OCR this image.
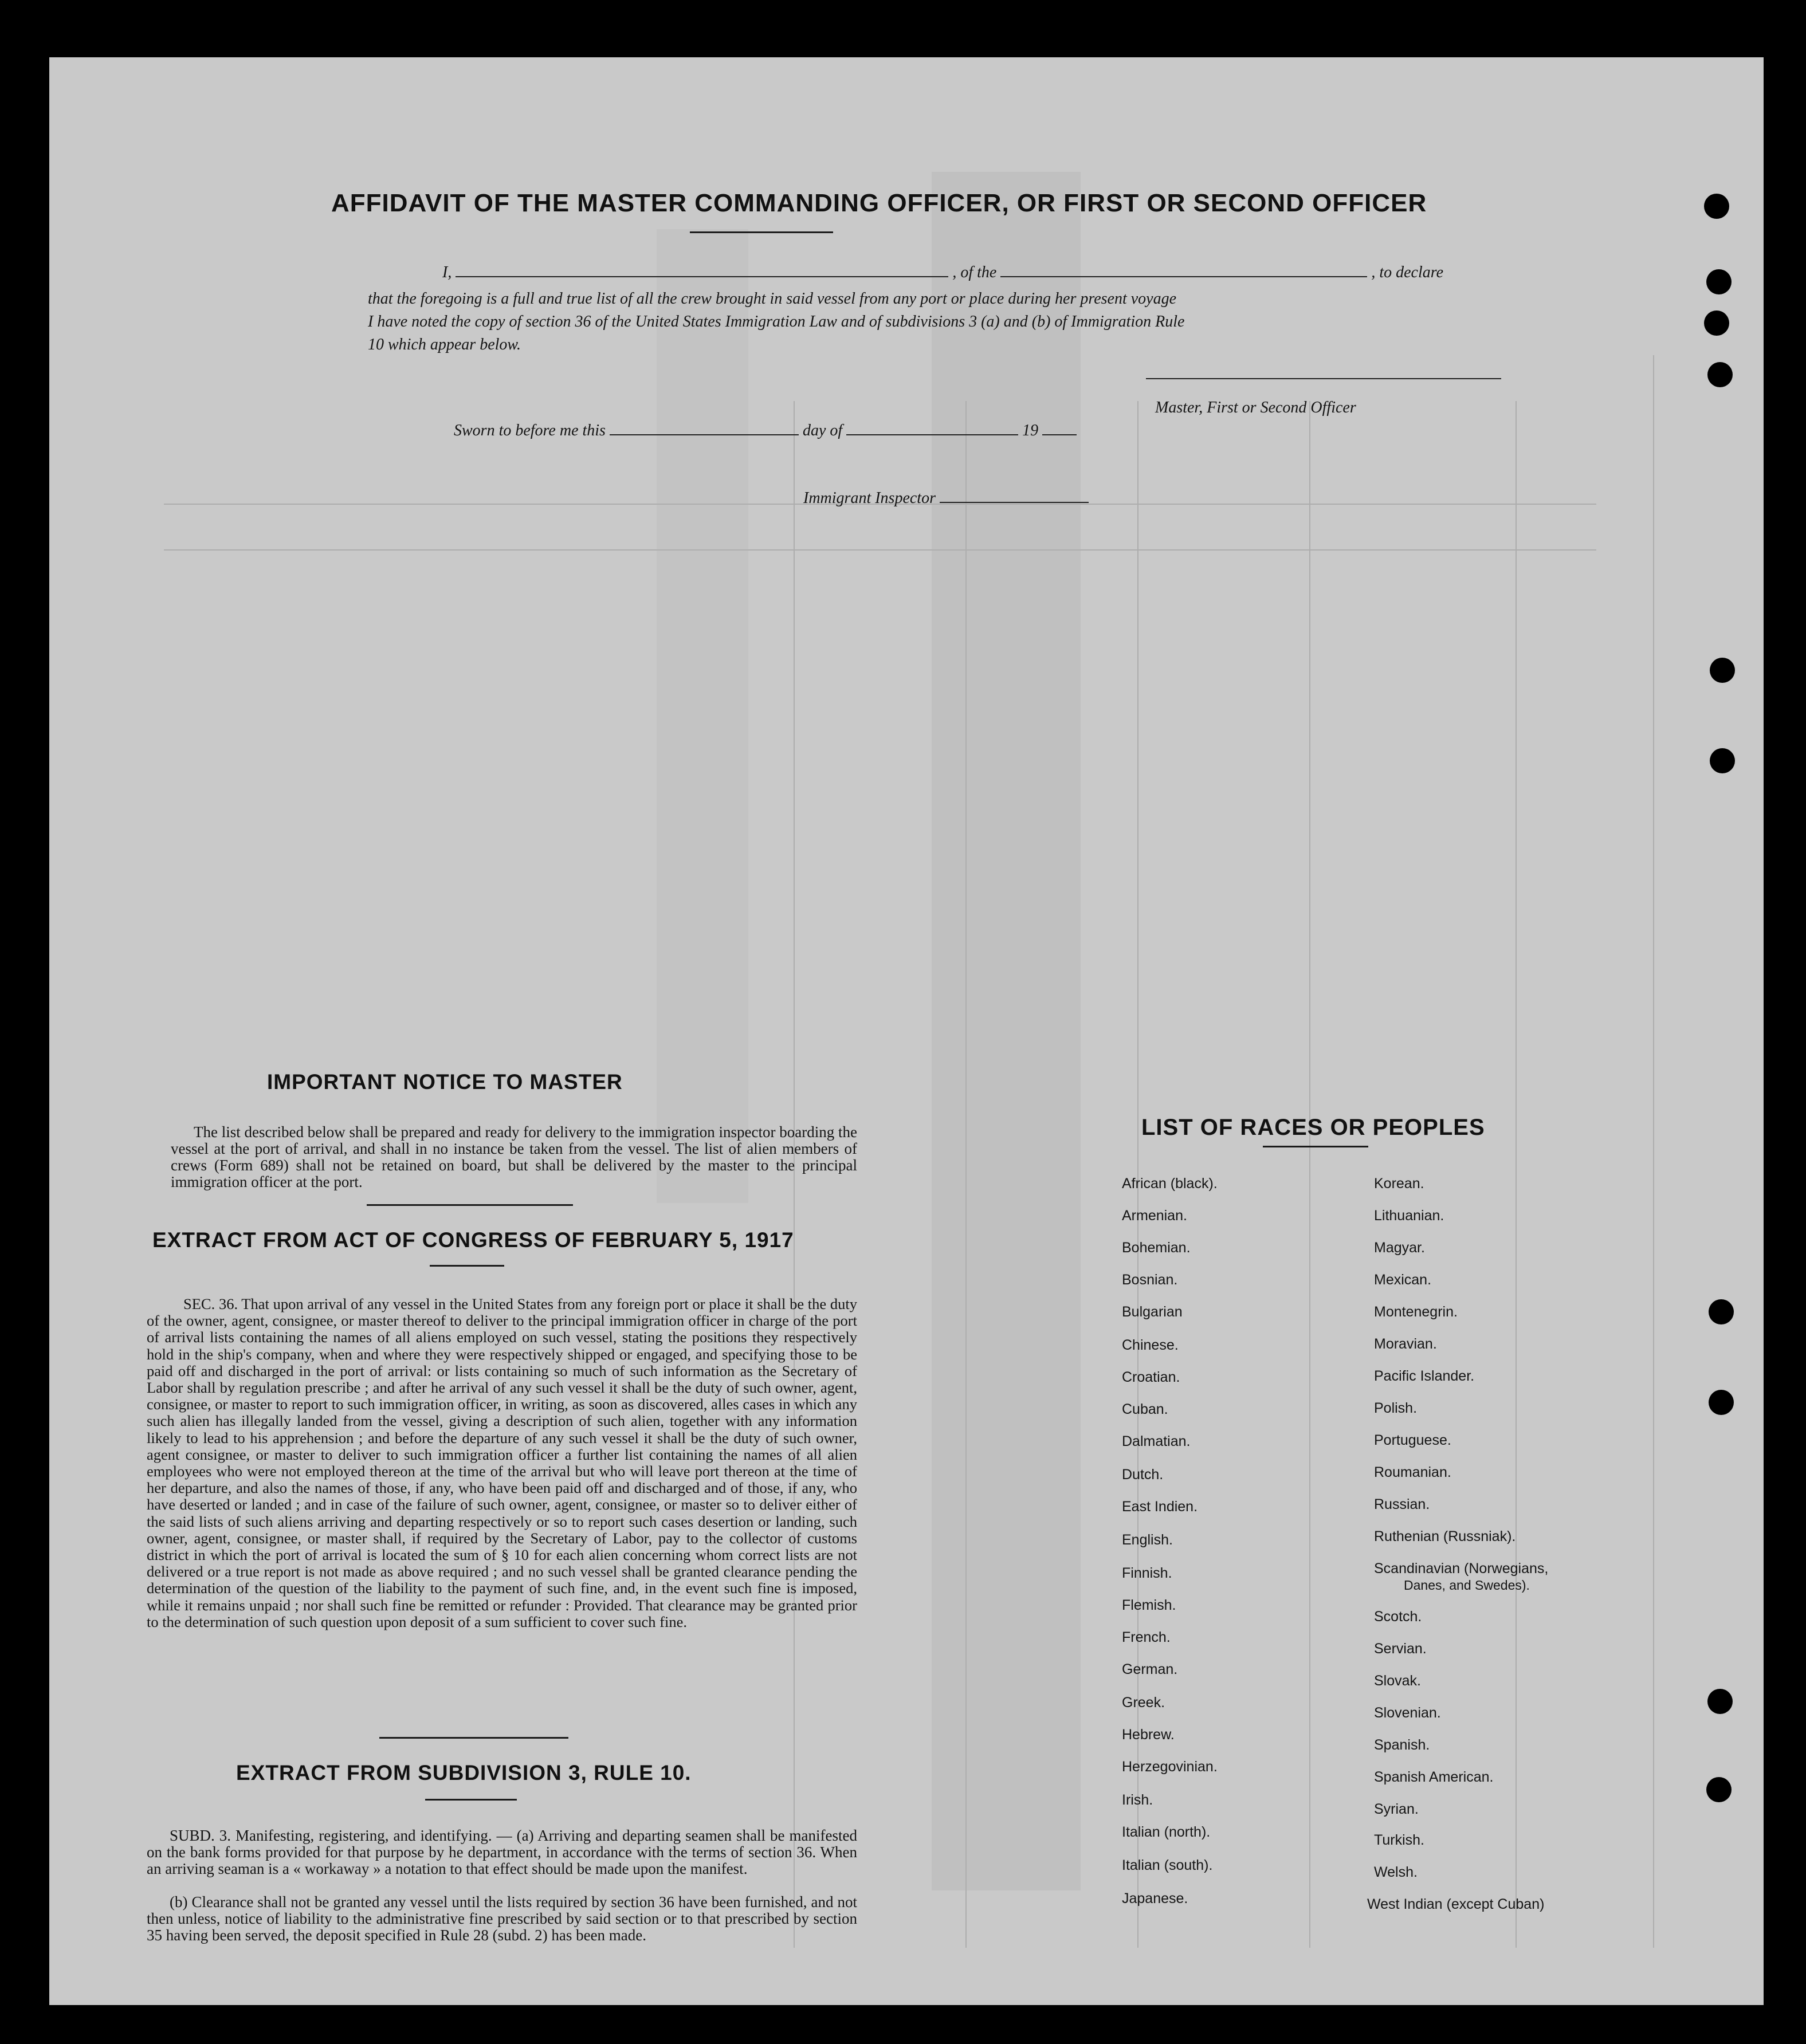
AFFIDAVIT OF THE MASTER COMMANDING OFFICER, OR FIRST OR SECOND OFFICER
I,	, of the	, to declare
that the foregoing is a full and true list of all the crew brought in said vessel from any port or place during her present voyage
I have noted the copy of section 36 of the United States Immigration Law and of subdivisions 3 (a) and (b) of Immigration Rule
10 which appear below.
Master, First or Second Officer
Sworn to before me this	day of	19
Immigrant Inspector
IMPORTANT NOTICE TO MASTER
The list described below shall be prepared and ready for delivery to the immigration inspector boarding the vessel at the port of arrival, and shall in no instance be taken from the vessel. The list of alien members of crews (Form 689) shall not be retained on board, but shall be delivered by the master to the principal immigration officer at the port.
EXTRACT FROM ACT OF CONGRESS OF FEBRUARY 5, 1917
SEC. 36. That upon arrival of any vessel in the United States from any foreign port or place it shall be the duty of the owner, agent, consignee, or master thereof to deliver to the principal immigration officer in charge of the port of arrival lists containing the names of all aliens employed on such vessel, stating the positions they respectively hold in the ship's company, when and where they were respectively shipped or engaged, and specifying those to be paid off and discharged in the port of arrival: or lists containing so much of such information as the Secretary of Labor shall by regulation prescribe ; and after he arrival of any such vessel it shall be the duty of such owner, agent, consignee, or master to report to such immigration officer, in writing, as soon as discovered, alles cases in which any such alien has illegally landed from the vessel, giving a description of such alien, together with any information likely to lead to his apprehension ; and before the departure of any such vessel it shall be the duty of such owner, agent consignee, or master to deliver to such immigration officer a further list containing the names of all alien employees who were not employed thereon at the time of the arrival but who will leave port thereon at the time of her departure, and also the names of those, if any, who have been paid off and discharged and of those, if any, who have deserted or landed ; and in case of the failure of such owner, agent, consignee, or master so to deliver either of the said lists of such aliens arriving and departing respectively or so to report such cases desertion or landing, such owner, agent, consignee, or master shall, if required by the Secretary of Labor, pay to the collector of customs district in which the port of arrival is located the sum of § 10 for each alien concerning whom correct lists are not delivered or a true report is not made as above required ; and no such vessel shall be granted clearance pending the determination of the question of the liability to the payment of such fine, and, in the event such fine is imposed, while it remains unpaid ; nor shall such fine be remitted or refunder : Provided. That clearance may be granted prior to the determination of such question upon deposit of a sum sufficient to cover such fine.
EXTRACT FROM SUBDIVISION 3, RULE 10.
SUBD. 3. Manifesting, registering, and identifying. — (a) Arriving and departing seamen shall be manifested on the bank forms provided for that purpose by he department, in accordance with the terms of section 36. When an arriving seaman is a « workaway » a notation to that effect should be made upon the manifest.
(b) Clearance shall not be granted any vessel until the lists required by section 36 have been furnished, and not then unless, notice of liability to the administrative fine prescribed by said section or to that prescribed by section 35 having been served, the deposit specified in Rule 28 (subd. 2) has been made.
LIST OF RACES OR PEOPLES
African (black).
Armenian.
Bohemian.
Bosnian.
Bulgarian
Chinese.
Croatian.
Cuban.
Dalmatian.
Dutch.
East Indien.
English.
Finnish.
Flemish.
French.
German.
Greek.
Hebrew.
Herzegovinian.
Irish.
Italian (north).
Italian (south).
Japanese.
Korean.
Lithuanian.
Magyar.
Mexican.
Montenegrin.
Moravian.
Pacific Islander.
Polish.
Portuguese.
Roumanian.
Russian.
Ruthenian (Russniak).
Scandinavian (Norwegians,
Danes, and Swedes).
Scotch.
Servian.
Slovak.
Slovenian.
Spanish.
Spanish American.
Syrian.
Turkish.
Welsh.
West Indian (except Cuban)
